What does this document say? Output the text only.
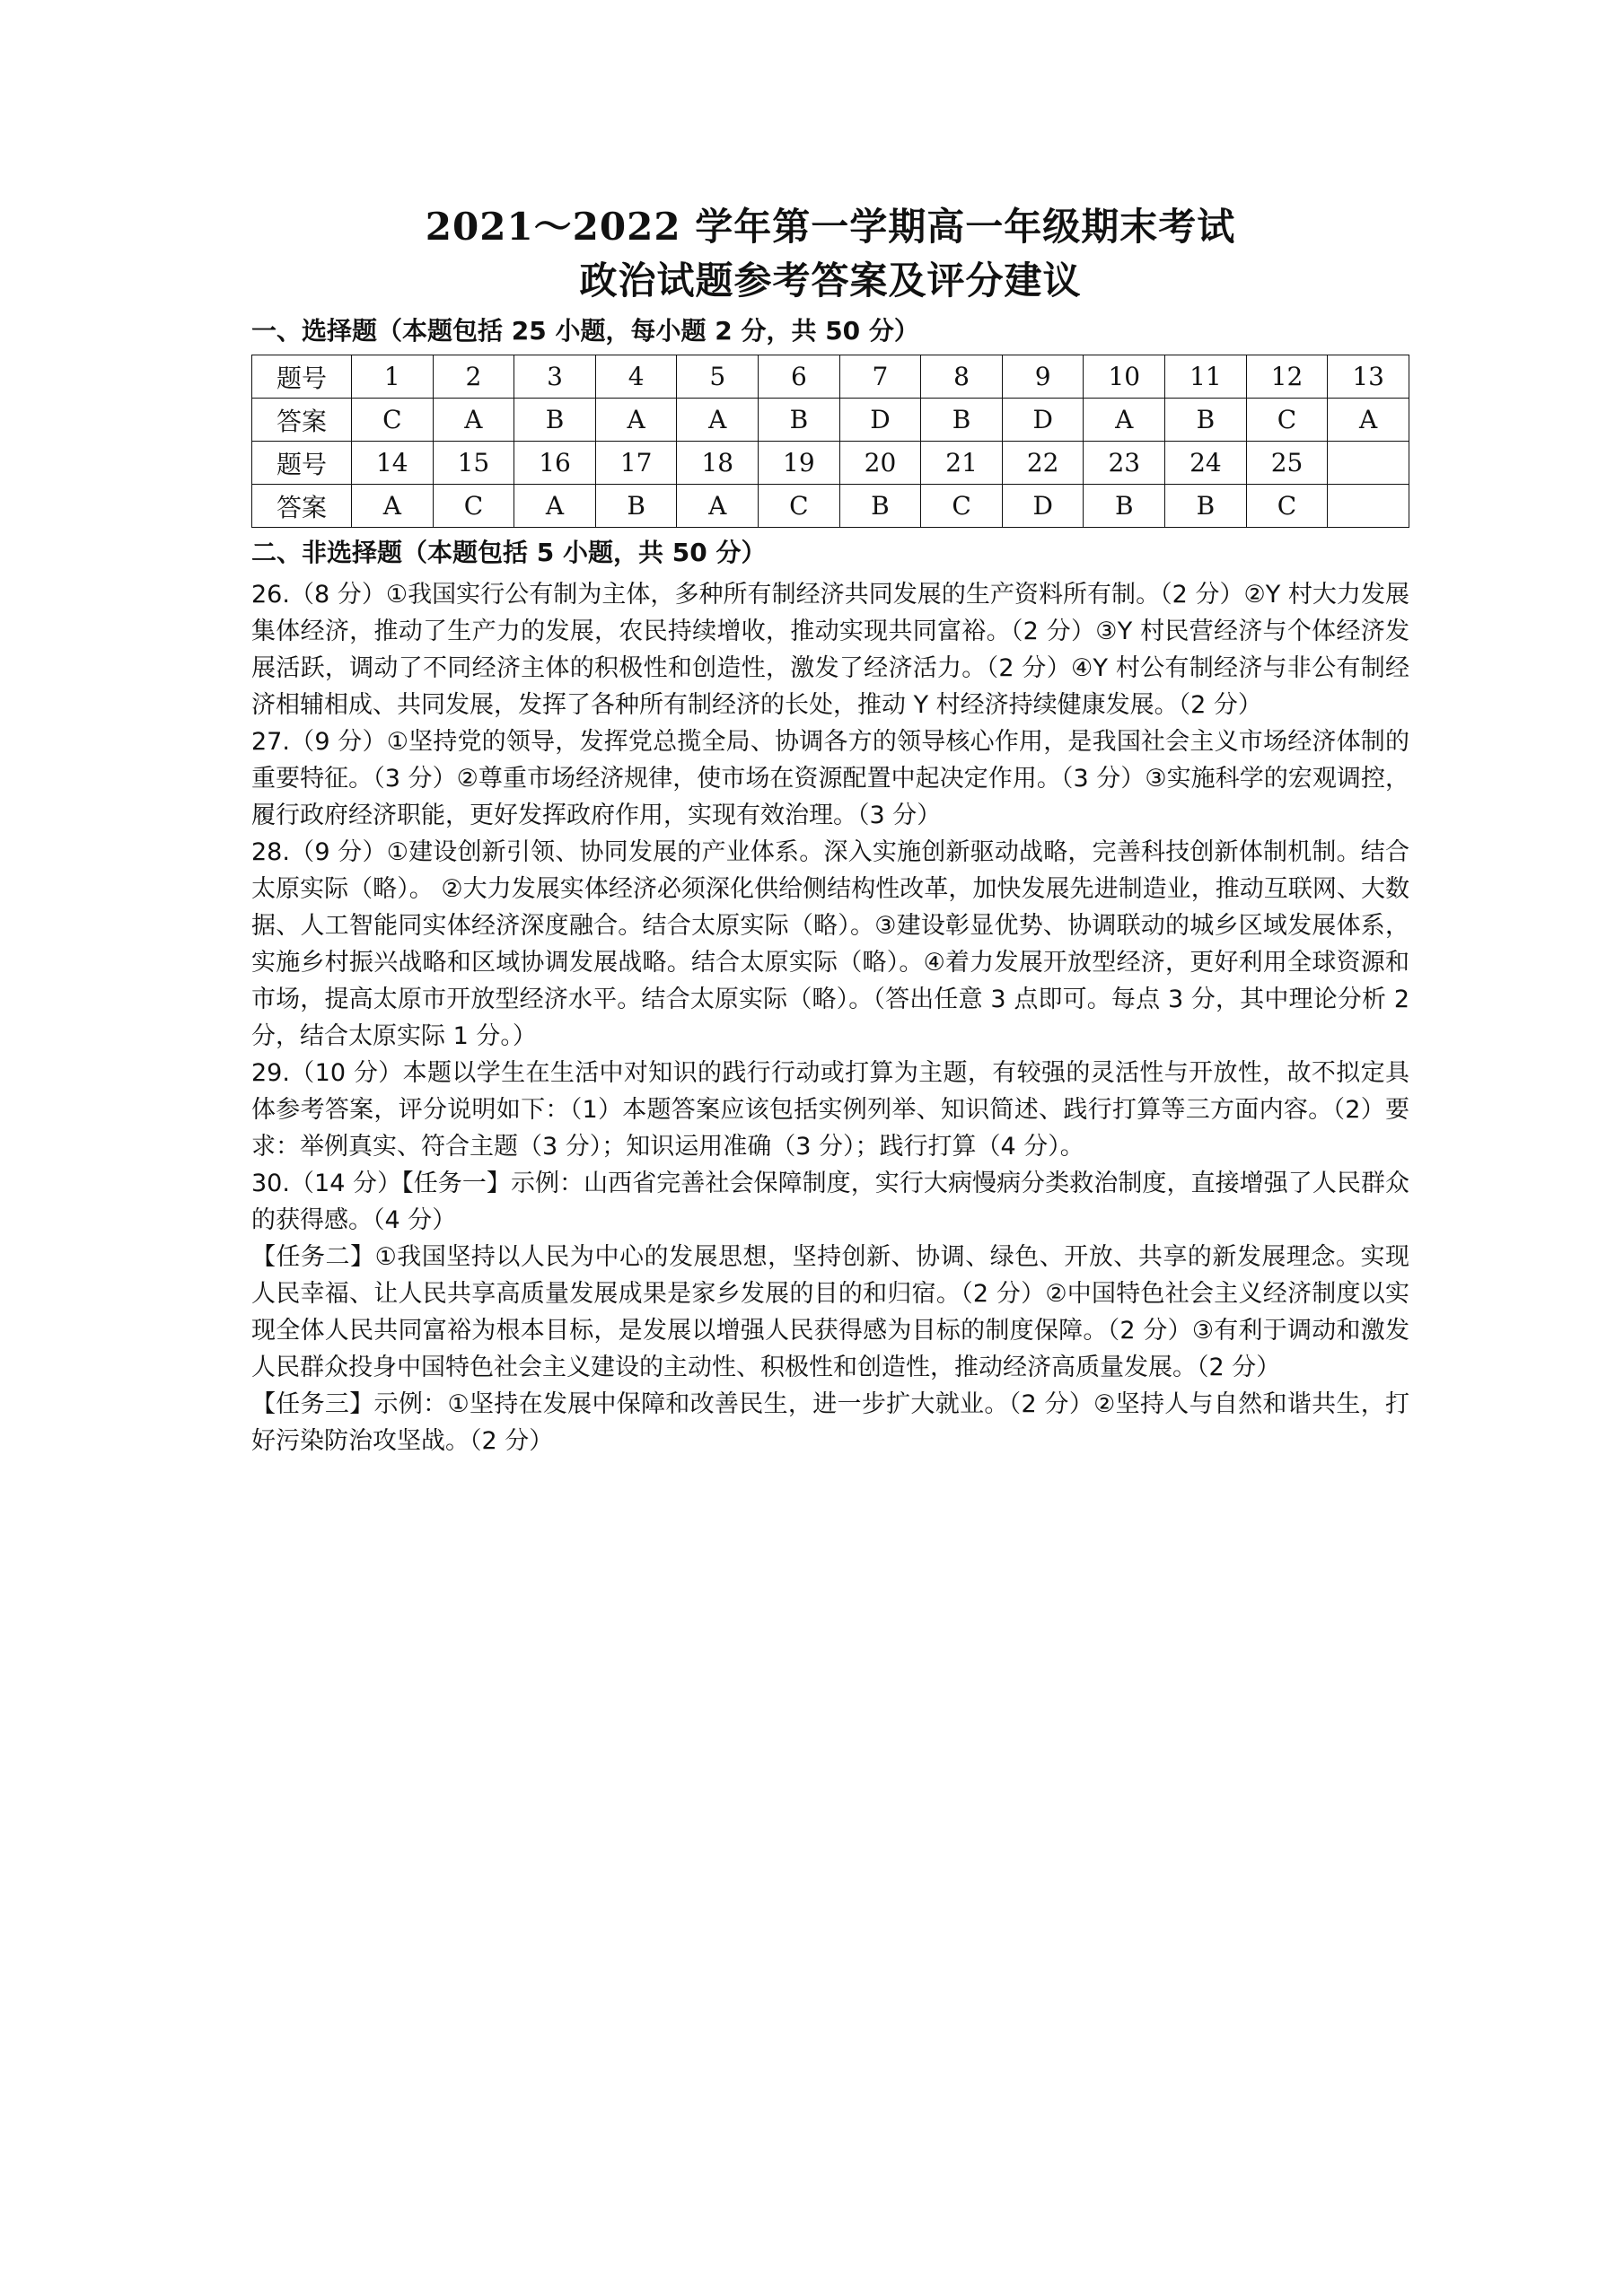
2021～2022 学年第一学期高一年级期末考试
政治试题参考答案及评分建议
一、选择题（本题包括 25 小题，每小题 2 分，共 50 分）
题号	1	2	3	4	5	6	7	8	9	10	11	12	13
答案	C	A	B	A	A	B	D	B	D	A	B	C	A
题号	14	15	16	17	18	19	20	21	22	23	24	25	
答案	A	C	A	B	A	C	B	C	D	B	B	C	
二、非选择题（本题包括 5 小题，共 50 分）

26.（8 分）①我国实行公有制为主体，多种所有制经济共同发展的生产资料所有制。（2 分）②Y 村大力发展集体经济，推动了生产力的发展，农民持续增收，推动实现共同富裕。（2 分）③Y 村民营经济与个体经济发展活跃，调动了不同经济主体的积极性和创造性，激发了经济活力。（2 分）④Y 村公有制经济与非公有制经济相辅相成、共同发展，发挥了各种所有制经济的长处，推动 Y 村经济持续健康发展。（2 分）

27.（9 分）①坚持党的领导，发挥党总揽全局、协调各方的领导核心作用，是我国社会主义市场经济体制的重要特征。（3 分）②尊重市场经济规律，使市场在资源配置中起决定作用。（3 分）③实施科学的宏观调控，履行政府经济职能，更好发挥政府作用，实现有效治理。（3 分）

28.（9 分）①建设创新引领、协同发展的产业体系。深入实施创新驱动战略，完善科技创新体制机制。结合太原实际（略）。 ②大力发展实体经济必须深化供给侧结构性改革，加快发展先进制造业，推动互联网、大数据、人工智能同实体经济深度融合。结合太原实际（略）。③建设彰显优势、协调联动的城乡区域发展体系，实施乡村振兴战略和区域协调发展战略。结合太原实际（略）。④着力发展开放型经济，更好利用全球资源和市场，提高太原市开放型经济水平。结合太原实际（略）。（答出任意 3 点即可。每点 3 分，其中理论分析 2 分，结合太原实际 1 分。）

29.（10 分）本题以学生在生活中对知识的践行行动或打算为主题，有较强的灵活性与开放性，故不拟定具体参考答案，评分说明如下：（1）本题答案应该包括实例列举、知识简述、践行打算等三方面内容。（2）要求：举例真实、符合主题（3 分）；知识运用准确（3 分）；践行打算（4 分）。

30.（14 分）【任务一】示例：山西省完善社会保障制度，实行大病慢病分类救治制度，直接增强了人民群众的获得感。（4 分）

【任务二】①我国坚持以人民为中心的发展思想，坚持创新、协调、绿色、开放、共享的新发展理念。实现人民幸福、让人民共享高质量发展成果是家乡发展的目的和归宿。（2 分）②中国特色社会主义经济制度以实现全体人民共同富裕为根本目标，是发展以增强人民获得感为目标的制度保障。（2 分）③有利于调动和激发人民群众投身中国特色社会主义建设的主动性、积极性和创造性，推动经济高质量发展。（2 分）

【任务三】示例：①坚持在发展中保障和改善民生，进一步扩大就业。（2 分）②坚持人与自然和谐共生，打好污染防治攻坚战。（2 分）
